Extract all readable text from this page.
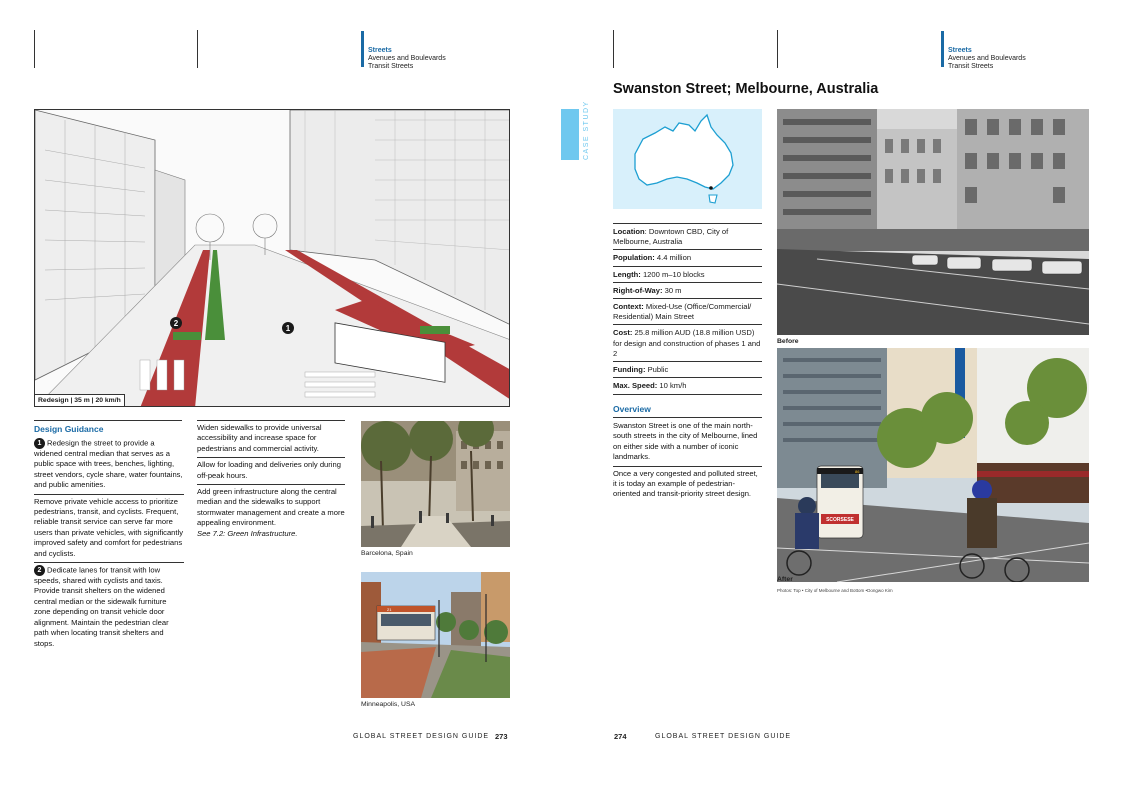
Streets
Avenues and Boulevards
Transit Streets
Streets
Avenues and Boulevards
Transit Streets
2
1
Redesign | 35 m | 20 km/h
Design Guidance
1 Redesign the street to provide a widened central median that serves as a public space with trees, benches, lighting, street vendors, cycle share, water fountains, and public amenities.
Remove private vehicle access to prioritize pedestrians, transit, and cyclists. Frequent, reliable transit service can serve far more users than private vehicles, with significantly improved safety and comfort for pedestrians and cyclists.
2 Dedicate lanes for transit with low speeds, shared with cyclists and taxis. Provide transit shelters on the widened central median or the sidewalk furniture zone depending on transit vehicle door alignment. Maintain the pedestrian clear path when locating transit shelters and stops.
Widen sidewalks to provide universal accessibility and increase space for pedestrians and commercial activity.
Allow for loading and deliveries only during off-peak hours.
Add green infrastructure along the central median and the sidewalks to support stormwater management and create a more appealing environment.
See 7.2: Green Infrastructure.
Barcelona, Spain
21
Minneapolis, USA
CASE STUDY
Swanston Street; Melbourne, Australia
Location: Downtown CBD, City of Melbourne, Australia
Population: 4.4 million
Length: 1200 m–10 blocks
Right-of-Way: 30 m
Context: Mixed-Use (Office/Commercial/ Residential) Main Street
Cost: 25.8 million AUD (18.8 million USD) for design and construction of phases 1 and 2
Funding: Public
Max. Speed: 10 km/h
Overview
Swanston Street is one of the main north-south streets in the city of Melbourne, lined on either side with a number of iconic landmarks.
Once a very congested and polluted street, it is today an example of pedestrian-oriented and transit-priority street design.
Before
86
SCORSESE
After
Photos: Top • City of Melbourne and Bottom •Dongwo Kim
GLOBAL STREET DESIGN GUIDE 273	274	GLOBAL STREET DESIGN GUIDE
